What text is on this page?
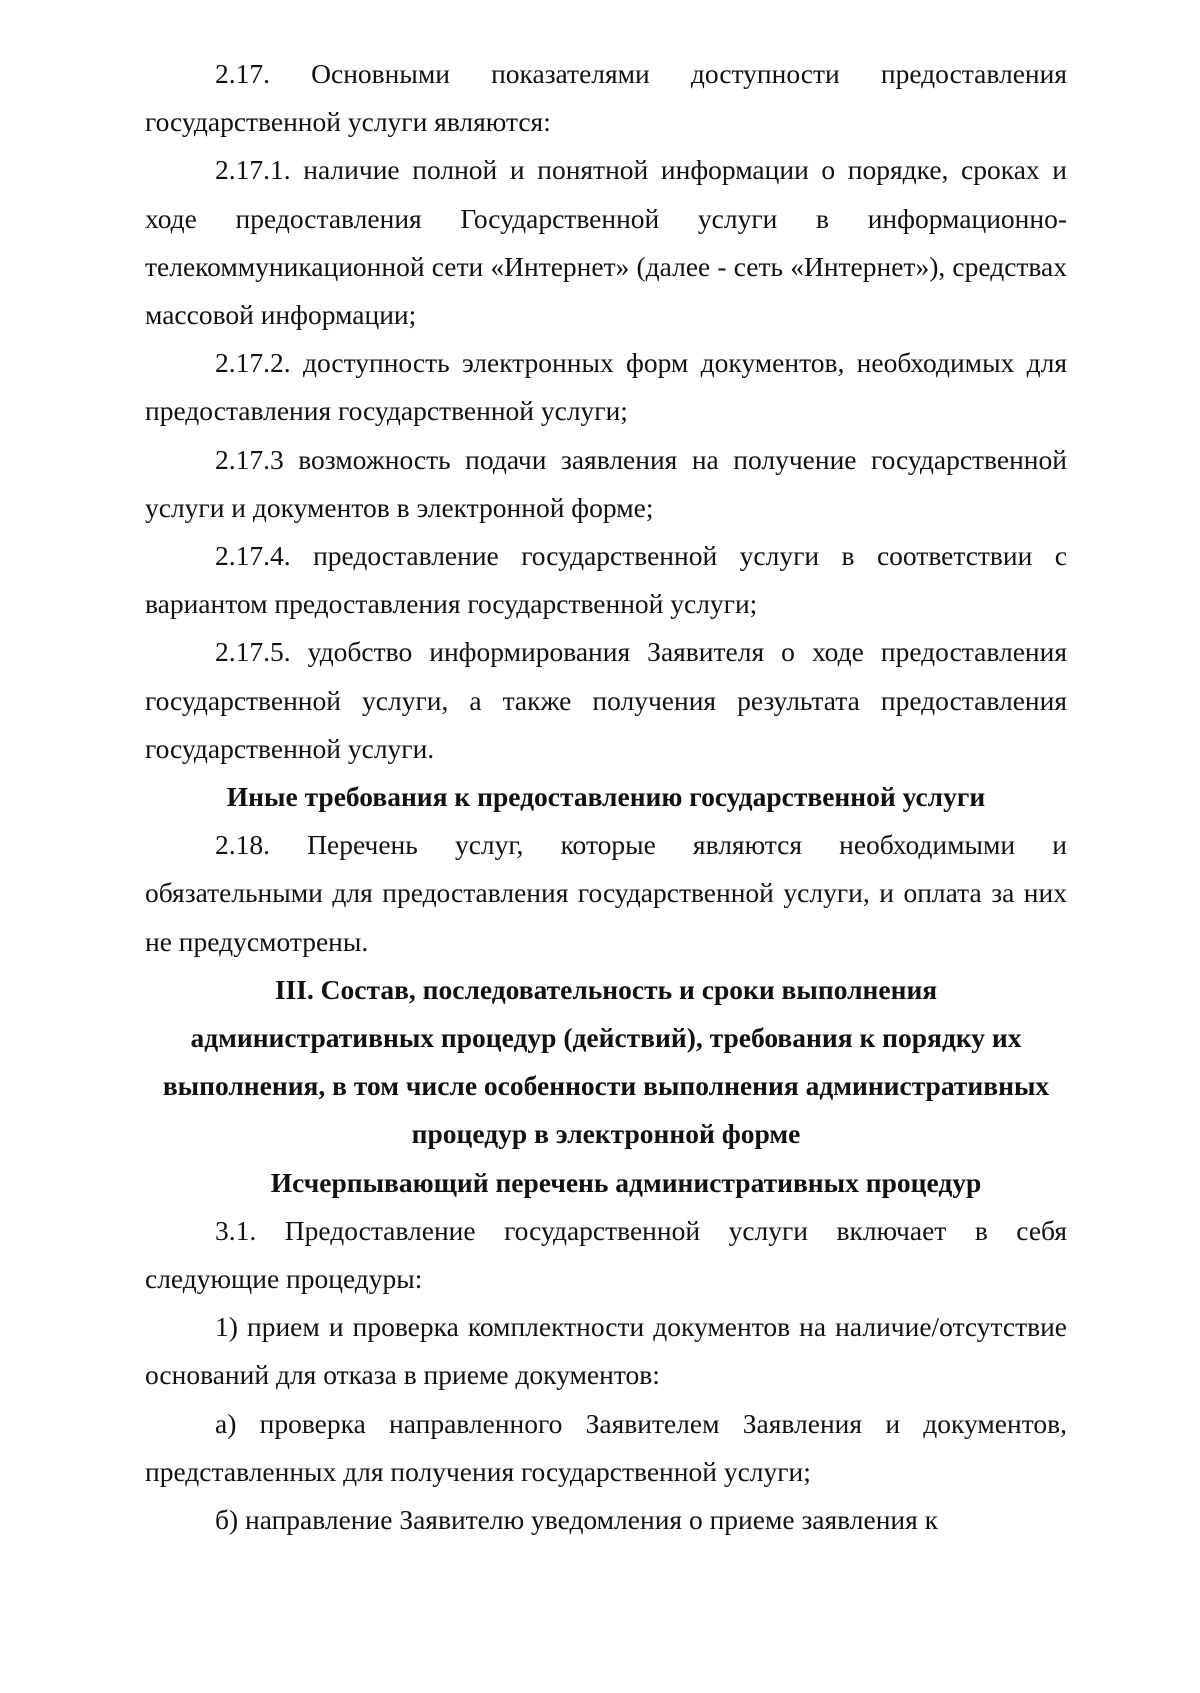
2.17. Основными показателями доступности предоставления государственной услуги являются:

2.17.1. наличие полной и понятной информации о порядке, сроках и ходе предоставления Государственной услуги в информационно-телекоммуникационной сети «Интернет» (далее - сеть «Интернет»), средствах массовой информации;

2.17.2. доступность электронных форм документов, необходимых для предоставления государственной услуги;

2.17.3 возможность подачи заявления на получение государственной услуги и документов в электронной форме;

2.17.4. предоставление государственной услуги в соответствии с вариантом предоставления государственной услуги;

2.17.5. удобство информирования Заявителя о ходе предоставления государственной услуги, а также получения результата предоставления государственной услуги.

Иные требования к предоставлению государственной услуги

2.18. Перечень услуг, которые являются необходимыми и обязательными для предоставления государственной услуги, и оплата за них не предусмотрены.

III. Состав, последовательность и сроки выполнения
административных процедур (действий), требования к порядку их
выполнения, в том числе особенности выполнения административных
процедур в электронной форме
Исчерпывающий перечень административных процедур

3.1. Предоставление государственной услуги включает в себя следующие процедуры:

1) прием и проверка комплектности документов на наличие/отсутствие оснований для отказа в приеме документов:

а) проверка направленного Заявителем Заявления и документов, представленных для получения государственной услуги;

б) направление Заявителю уведомления о приеме заявления к
